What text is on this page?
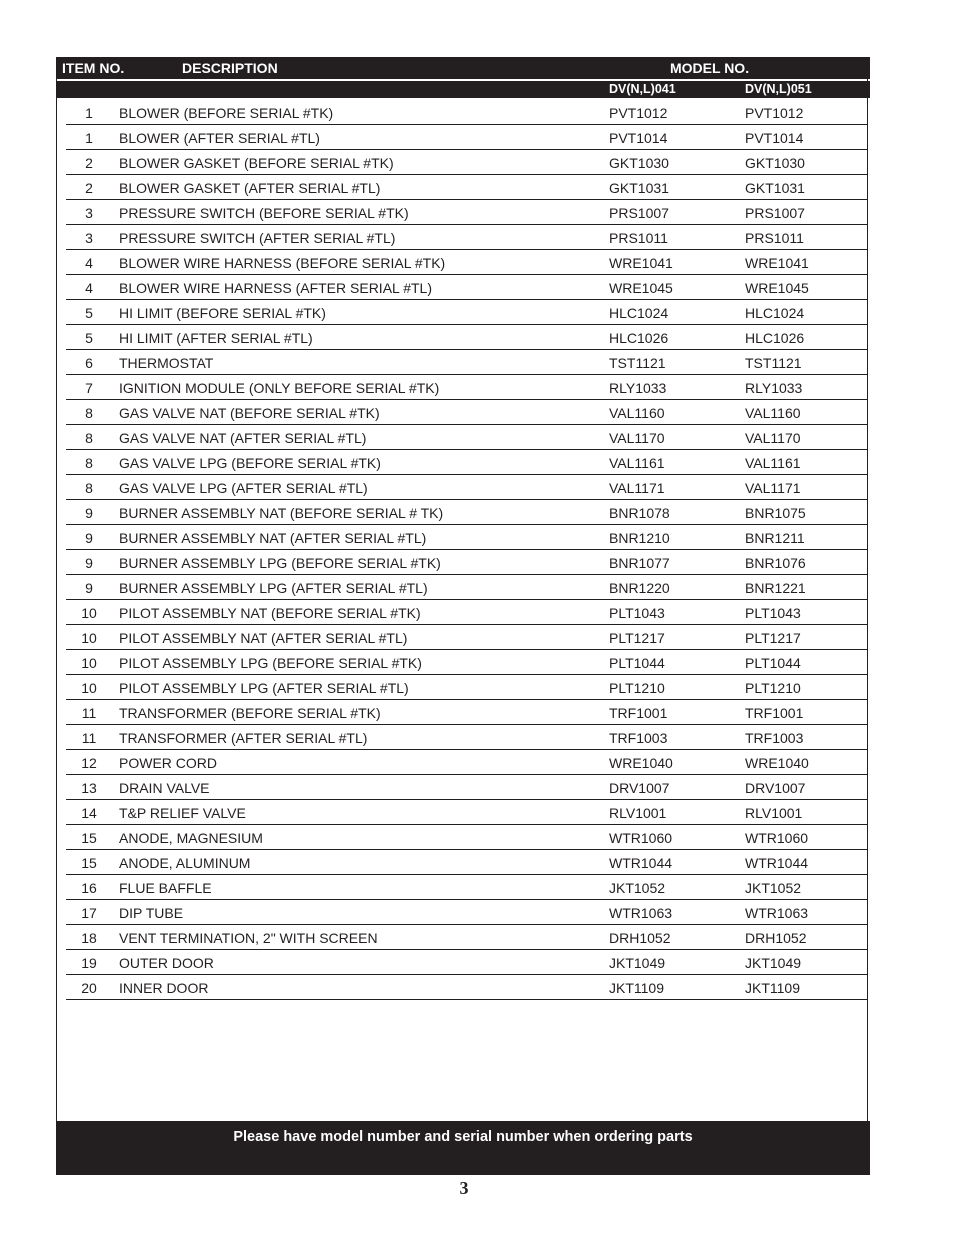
ITEM NO.	DESCRIPTION	MODEL NO.
DV(N,L)041	DV(N,L)051
1	BLOWER (BEFORE SERIAL #TK)	PVT1012	PVT1012
1	BLOWER (AFTER SERIAL #TL)	PVT1014	PVT1014
2	BLOWER GASKET (BEFORE SERIAL #TK)	GKT1030	GKT1030
2	BLOWER GASKET (AFTER SERIAL #TL)	GKT1031	GKT1031
3	PRESSURE SWITCH (BEFORE SERIAL #TK)	PRS1007	PRS1007
3	PRESSURE SWITCH (AFTER SERIAL #TL)	PRS1011	PRS1011
4	BLOWER WIRE HARNESS (BEFORE SERIAL #TK)	WRE1041	WRE1041
4	BLOWER WIRE HARNESS (AFTER SERIAL #TL)	WRE1045	WRE1045
5	HI LIMIT (BEFORE SERIAL #TK)	HLC1024	HLC1024
5	HI LIMIT (AFTER SERIAL #TL)	HLC1026	HLC1026
6	THERMOSTAT	TST1121	TST1121
7	IGNITION MODULE (ONLY BEFORE SERIAL #TK)	RLY1033	RLY1033
8	GAS VALVE NAT (BEFORE SERIAL #TK)	VAL1160	VAL1160
8	GAS VALVE NAT (AFTER SERIAL #TL)	VAL1170	VAL1170
8	GAS VALVE LPG (BEFORE SERIAL #TK)	VAL1161	VAL1161
8	GAS VALVE LPG (AFTER SERIAL #TL)	VAL1171	VAL1171
9	BURNER ASSEMBLY NAT (BEFORE SERIAL # TK)	BNR1078	BNR1075
9	BURNER ASSEMBLY NAT (AFTER SERIAL #TL)	BNR1210	BNR1211
9	BURNER ASSEMBLY LPG (BEFORE SERIAL #TK)	BNR1077	BNR1076
9	BURNER ASSEMBLY LPG (AFTER SERIAL #TL)	BNR1220	BNR1221
10	PILOT ASSEMBLY NAT (BEFORE SERIAL #TK)	PLT1043	PLT1043
10	PILOT ASSEMBLY NAT (AFTER SERIAL #TL)	PLT1217	PLT1217
10	PILOT ASSEMBLY LPG (BEFORE SERIAL #TK)	PLT1044	PLT1044
10	PILOT ASSEMBLY LPG (AFTER SERIAL #TL)	PLT1210	PLT1210
11	TRANSFORMER (BEFORE SERIAL #TK)	TRF1001	TRF1001
11	TRANSFORMER (AFTER SERIAL #TL)	TRF1003	TRF1003
12	POWER CORD	WRE1040	WRE1040
13	DRAIN VALVE	DRV1007	DRV1007
14	T&P RELIEF VALVE	RLV1001	RLV1001
15	ANODE, MAGNESIUM	WTR1060	WTR1060
15	ANODE, ALUMINUM	WTR1044	WTR1044
16	FLUE BAFFLE	JKT1052	JKT1052
17	DIP TUBE	WTR1063	WTR1063
18	VENT TERMINATION, 2" WITH SCREEN	DRH1052	DRH1052
19	OUTER DOOR	JKT1049	JKT1049
20	INNER DOOR	JKT1109	JKT1109
Please have model number and serial number when ordering parts
3
